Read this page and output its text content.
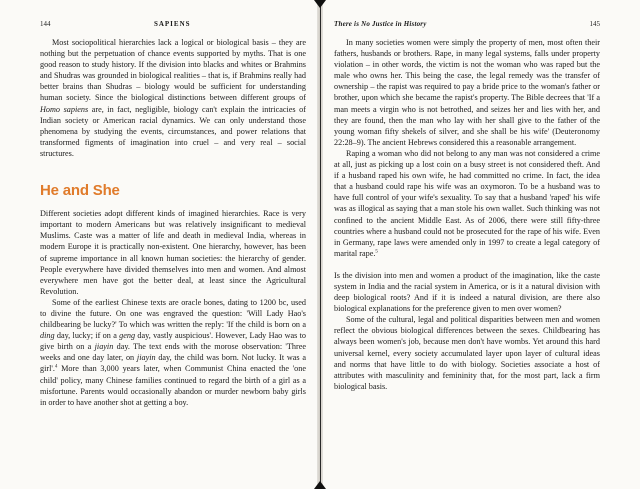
144	SAPIENS

Most sociopolitical hierarchies lack a logical or biological basis – they are nothing but the perpetuation of chance events supported by myths. That is one good reason to study history. If the division into blacks and whites or Brahmins and Shudras was grounded in biological realities – that is, if Brahmins really had better brains than Shudras – biology would be sufficient for understanding human society. Since the biological distinctions between different groups of Homo sapiens are, in fact, negligible, biology can't explain the intricacies of Indian society or American racial dynamics. We can only understand those phenomena by studying the events, circumstances, and power relations that transformed figments of imagination into cruel – and very real – social structures.

He and She

Different societies adopt different kinds of imagined hierarchies. Race is very important to modern Americans but was relatively insignificant to medieval Muslims. Caste was a matter of life and death in medieval India, whereas in modern Europe it is practically non-existent. One hierarchy, however, has been of supreme importance in all known human societies: the hierarchy of gender. People everywhere have divided themselves into men and women. And almost everywhere men have got the better deal, at least since the Agricultural Revolution.

Some of the earliest Chinese texts are oracle bones, dating to 1200 bc, used to divine the future. On one was engraved the question: 'Will Lady Hao's childbearing be lucky?' To which was written the reply: 'If the child is born on a ding day, lucky; if on a geng day, vastly auspicious'. However, Lady Hao was to give birth on a jiayin day. The text ends with the morose observation: 'Three weeks and one day later, on jiayin day, the child was born. Not lucky. It was a girl'.$^4$ More than 3,000 years later, when Communist China enacted the 'one child' policy, many Chinese families continued to regard the birth of a girl as a misfortune. Parents would occasionally abandon or murder newborn baby girls in order to have another shot at getting a boy.

There is No Justice in History	145

In many societies women were simply the property of men, most often their fathers, husbands or brothers. Rape, in many legal systems, falls under property violation – in other words, the victim is not the woman who was raped but the male who owns her. This being the case, the legal remedy was the transfer of ownership – the rapist was required to pay a bride price to the woman's father or brother, upon which she became the rapist's property. The Bible decrees that 'If a man meets a virgin who is not betrothed, and seizes her and lies with her, and they are found, then the man who lay with her shall give to the father of the young woman fifty shekels of silver, and she shall be his wife' (Deuteronomy 22:28–9). The ancient Hebrews considered this a reasonable arrangement.

Raping a woman who did not belong to any man was not considered a crime at all, just as picking up a lost coin on a busy street is not considered theft. And if a husband raped his own wife, he had committed no crime. In fact, the idea that a husband could rape his wife was an oxymoron. To be a husband was to have full control of your wife's sexuality. To say that a husband 'raped' his wife was as illogical as saying that a man stole his own wallet. Such thinking was not confined to the ancient Middle East. As of 2006, there were still fifty-three countries where a husband could not be prosecuted for the rape of his wife. Even in Germany, rape laws were amended only in 1997 to create a legal category of marital rape.$^5$

Is the division into men and women a product of the imagination, like the caste system in India and the racial system in America, or is it a natural division with deep biological roots? And if it is indeed a natural division, are there also biological explanations for the preference given to men over women?

Some of the cultural, legal and political disparities between men and women reflect the obvious biological differences between the sexes. Childbearing has always been women's job, because men don't have wombs. Yet around this hard universal kernel, every society accumulated layer upon layer of cultural ideas and norms that have little to do with biology. Societies associate a host of attributes with masculinity and femininity that, for the most part, lack a firm biological basis.
